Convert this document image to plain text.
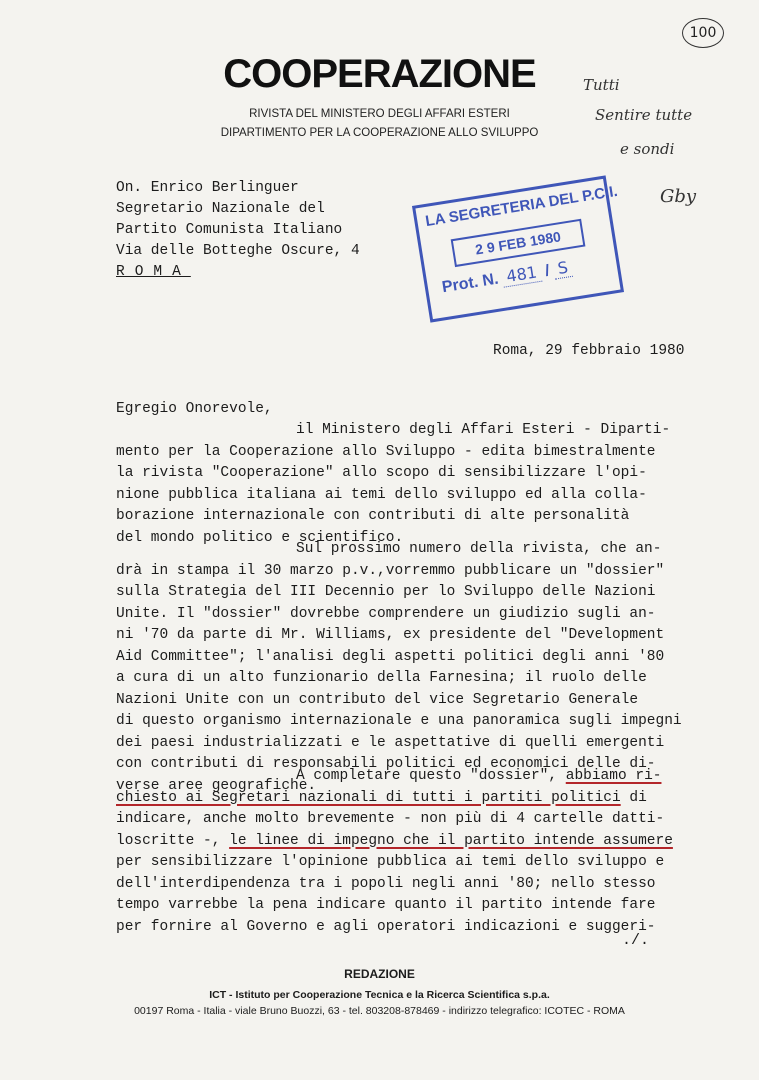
100
COOPERAZIONE
RIVISTA DEL MINISTERO DEGLI AFFARI ESTERI
DIPARTIMENTO PER LA COOPERAZIONE ALLO SVILUPPO
Tutti
Sentire tutte
e sondi
Gby
On. Enrico Berlinguer
Segretario Nazionale del
Partito Comunista Italiano
Via delle Botteghe Oscure, 4
ROMA
LA SEGRETERIA DEL P.C.I.
2 9 FEB 1980
Prot. N. 481 / S
Roma, 29 febbraio 1980
Egregio Onorevole,
il Ministero degli Affari Esteri - Diparti-
mento per la Cooperazione allo Sviluppo - edita bimestralmente
la rivista "Cooperazione" allo scopo di sensibilizzare l'opi-
nione pubblica italiana ai temi dello sviluppo ed alla colla-
borazione internazionale con contributi di alte personalità
del mondo politico e scientifico.
Sul prossimo numero della rivista, che an-
drà in stampa il 30 marzo p.v.,vorremmo pubblicare un "dossier"
sulla Strategia del III Decennio per lo Sviluppo delle Nazioni
Unite. Il "dossier" dovrebbe comprendere un giudizio sugli an-
ni '70 da parte di Mr. Williams, ex presidente del "Development
Aid Committee"; l'analisi degli aspetti politici degli anni '80
a cura di un alto funzionario della Farnesina; il ruolo delle
Nazioni Unite con un contributo del vice Segretario Generale
di questo organismo internazionale e una panoramica sugli impegni
dei paesi industrializzati e le aspettative di quelli emergenti
con contributi di responsabili politici ed economici delle di-
verse aree geografiche.
A completare questo "dossier", abbiamo ri-
chiesto ai Segretari nazionali di tutti i partiti politici di
indicare, anche molto brevemente - non più di 4 cartelle datti-
loscritte -, le linee di impegno che il partito intende assumere
per sensibilizzare l'opinione pubblica ai temi dello sviluppo e
dell'interdipendenza tra i popoli negli anni '80; nello stesso
tempo varrebbe la pena indicare quanto il partito intende fare
per fornire al Governo e agli operatori indicazioni e suggeri-
./.
REDAZIONE
ICT - Istituto per Cooperazione Tecnica e la Ricerca Scientifica s.p.a.
00197 Roma - Italia - viale Bruno Buozzi, 63 - tel. 803208-878469 - indirizzo telegrafico: ICOTEC - ROMA
